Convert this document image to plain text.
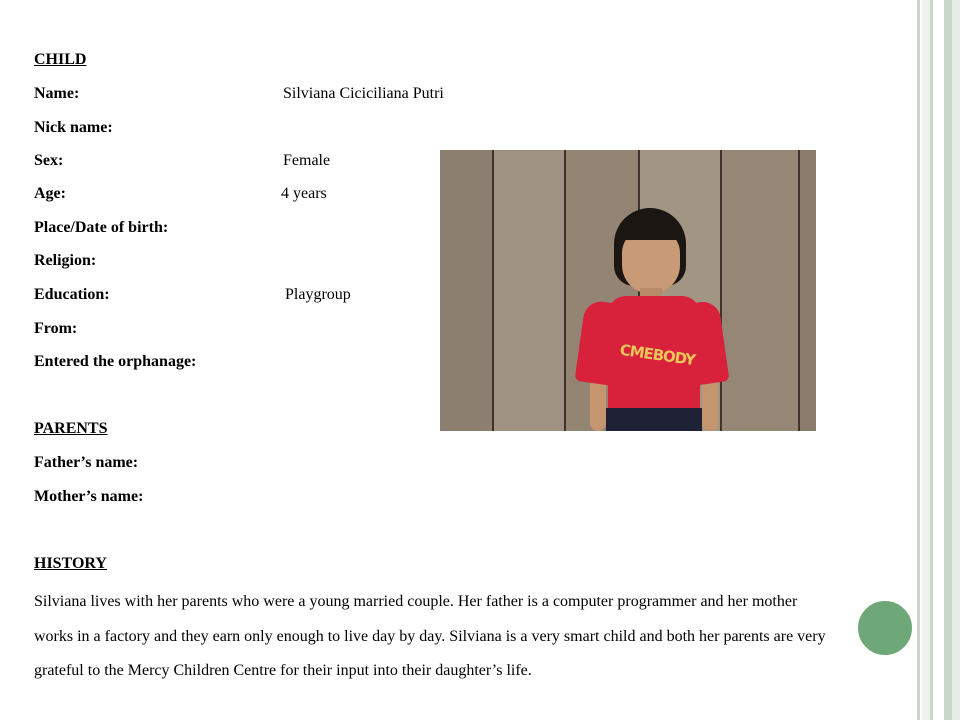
CHILD
Name:	Silviana Ciciciliana Putri
Nick name:
Sex:	Female
Age:	4 years
Place/Date of birth:
Religion:
Education:	Playgroup
From:
Entered the orphanage:
PARENTS
Father’s name:
Mother’s name:
HISTORY
Silviana lives with her parents who were a young married couple. Her father is a computer programmer and her mother works in a factory and they earn only enough to live day by day. Silviana is a very smart child and both her parents are very grateful to the Mercy Children Centre for their input into their daughter’s life.
CMEBODY
